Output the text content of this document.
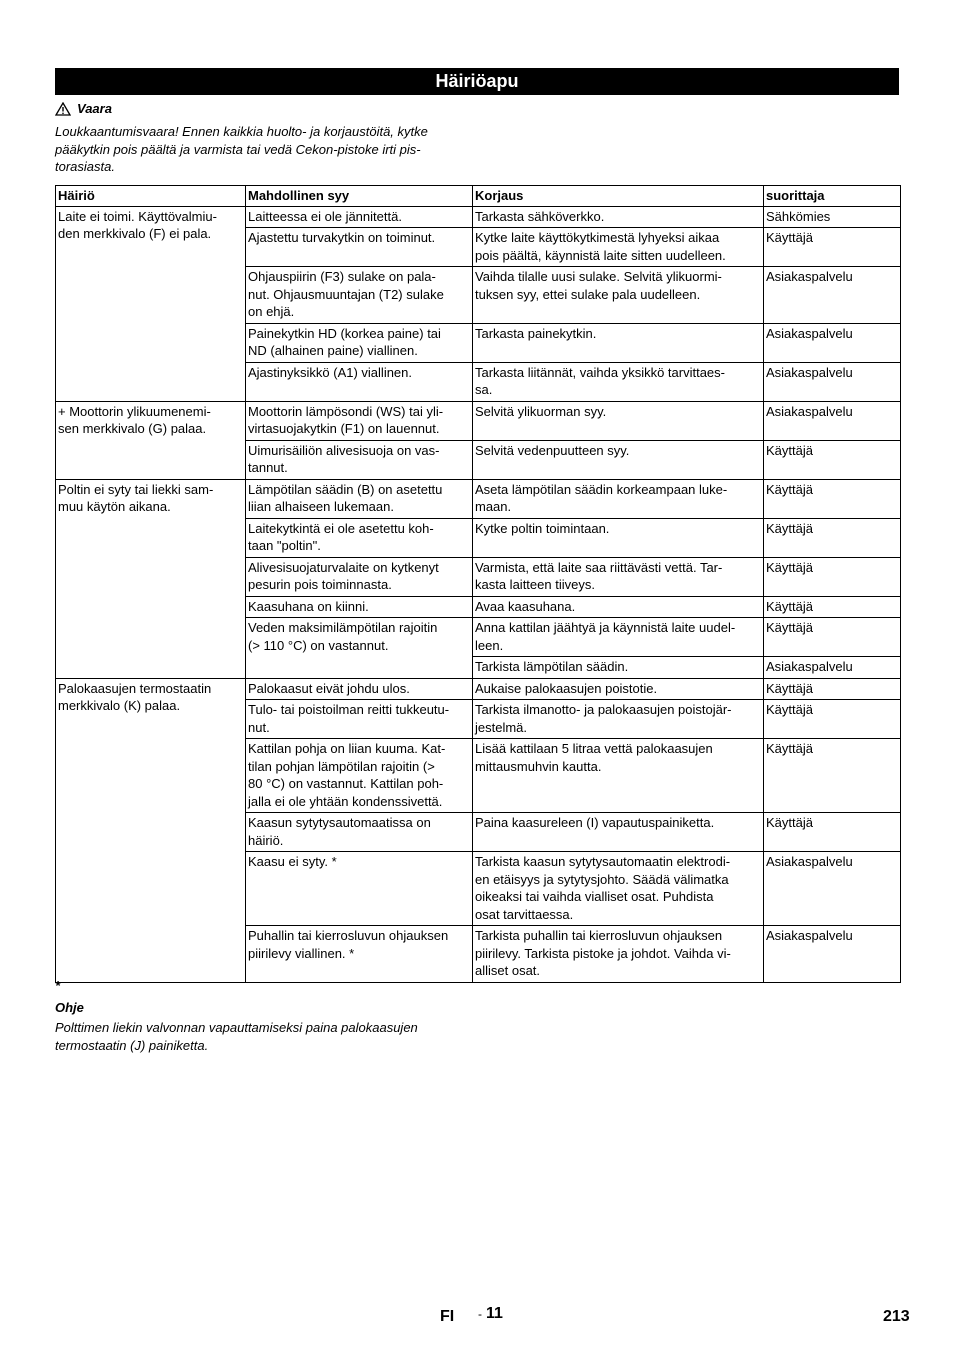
Häiriöapu
Vaara
Loukkaantumisvaara! Ennen kaikkia huolto- ja korjaustöitä, kytke
pääkytkin pois päältä ja varmista tai vedä Cekon-pistoke irti pis-
torasiasta.
Häiriö	Mahdollinen syy	Korjaus	suorittaja
Laite ei toimi. Käyttövalmiu-
den merkkivalo (F) ei pala.	Laitteessa ei ole jännitettä.	Tarkasta sähköverkko.	Sähkömies
	Ajastettu turvakytkin on toiminut.	Kytke laite käyttökytkimestä lyhyeksi aikaa
pois päältä, käynnistä laite sitten uudelleen.	Käyttäjä
	Ohjauspiirin (F3) sulake on pala-
nut. Ohjausmuuntajan (T2) sulake
on ehjä.	Vaihda tilalle uusi sulake. Selvitä ylikuormi-
tuksen syy, ettei sulake pala uudelleen.	Asiakaspalvelu
	Painekytkin HD (korkea paine) tai
ND (alhainen paine) viallinen.	Tarkasta painekytkin.	Asiakaspalvelu
	Ajastinyksikkö (A1) viallinen.	Tarkasta liitännät, vaihda yksikkö tarvittaes-
sa.	Asiakaspalvelu
+ Moottorin ylikuumenemi-
sen merkkivalo (G) palaa.	Moottorin lämpösondi (WS) tai yli-
virtasuojakytkin (F1) on lauennut.	Selvitä ylikuorman syy.	Asiakaspalvelu
	Uimurisäiliön alivesisuoja on vas-
tannut.	Selvitä vedenpuutteen syy.	Käyttäjä
Poltin ei syty tai liekki sam-
muu käytön aikana.	Lämpötilan säädin (B) on asetettu
liian alhaiseen lukemaan.	Aseta lämpötilan säädin korkeampaan luke-
maan.	Käyttäjä
	Laitekytkintä ei ole asetettu koh-
taan "poltin".	Kytke poltin toimintaan.	Käyttäjä
	Alivesisuojaturvalaite on kytkenyt
pesurin pois toiminnasta.	Varmista, että laite saa riittävästi vettä. Tar-
kasta laitteen tiiveys.	Käyttäjä
	Kaasuhana on kiinni.	Avaa kaasuhana.	Käyttäjä
	Veden maksimilämpötilan rajoitin
(> 110 °C) on vastannut.	Anna kattilan jäähtyä ja käynnistä laite uudel-
leen.	Käyttäjä
		Tarkista lämpötilan säädin.	Asiakaspalvelu
Palokaasujen termostaatin
merkkivalo (K) palaa.	Palokaasut eivät johdu ulos.	Aukaise palokaasujen poistotie.	Käyttäjä
	Tulo- tai poistoilman reitti tukkeutu-
nut.	Tarkista ilmanotto- ja palokaasujen poistojär-
jestelmä.	Käyttäjä
	Kattilan pohja on liian kuuma. Kat-
tilan pohjan lämpötilan rajoitin (>
80 °C) on vastannut. Kattilan poh-
jalla ei ole yhtään kondenssivettä.	Lisää kattilaan 5 litraa vettä palokaasujen
mittausmuhvin kautta.	Käyttäjä
	Kaasun sytytysautomaatissa on
häiriö.	Paina kaasureleen (I) vapautuspainiketta.	Käyttäjä
	Kaasu ei syty. *	Tarkista kaasun sytytysautomaatin elektrodi-
en etäisyys ja sytytysjohto. Säädä välimatka
oikeaksi tai vaihda vialliset osat. Puhdista
osat tarvittaessa.	Asiakaspalvelu
	Puhallin tai kierrosluvun ohjauksen
piirilevy viallinen. *	Tarkista puhallin tai kierrosluvun ohjauksen
piirilevy. Tarkista pistoke ja johdot. Vaihda vi-
alliset osat.	Asiakaspalvelu
*
Ohje
Polttimen liekin valvonnan vapauttamiseksi paina palokaasujen
termostaatin (J) painiketta.
FI - 11	213
